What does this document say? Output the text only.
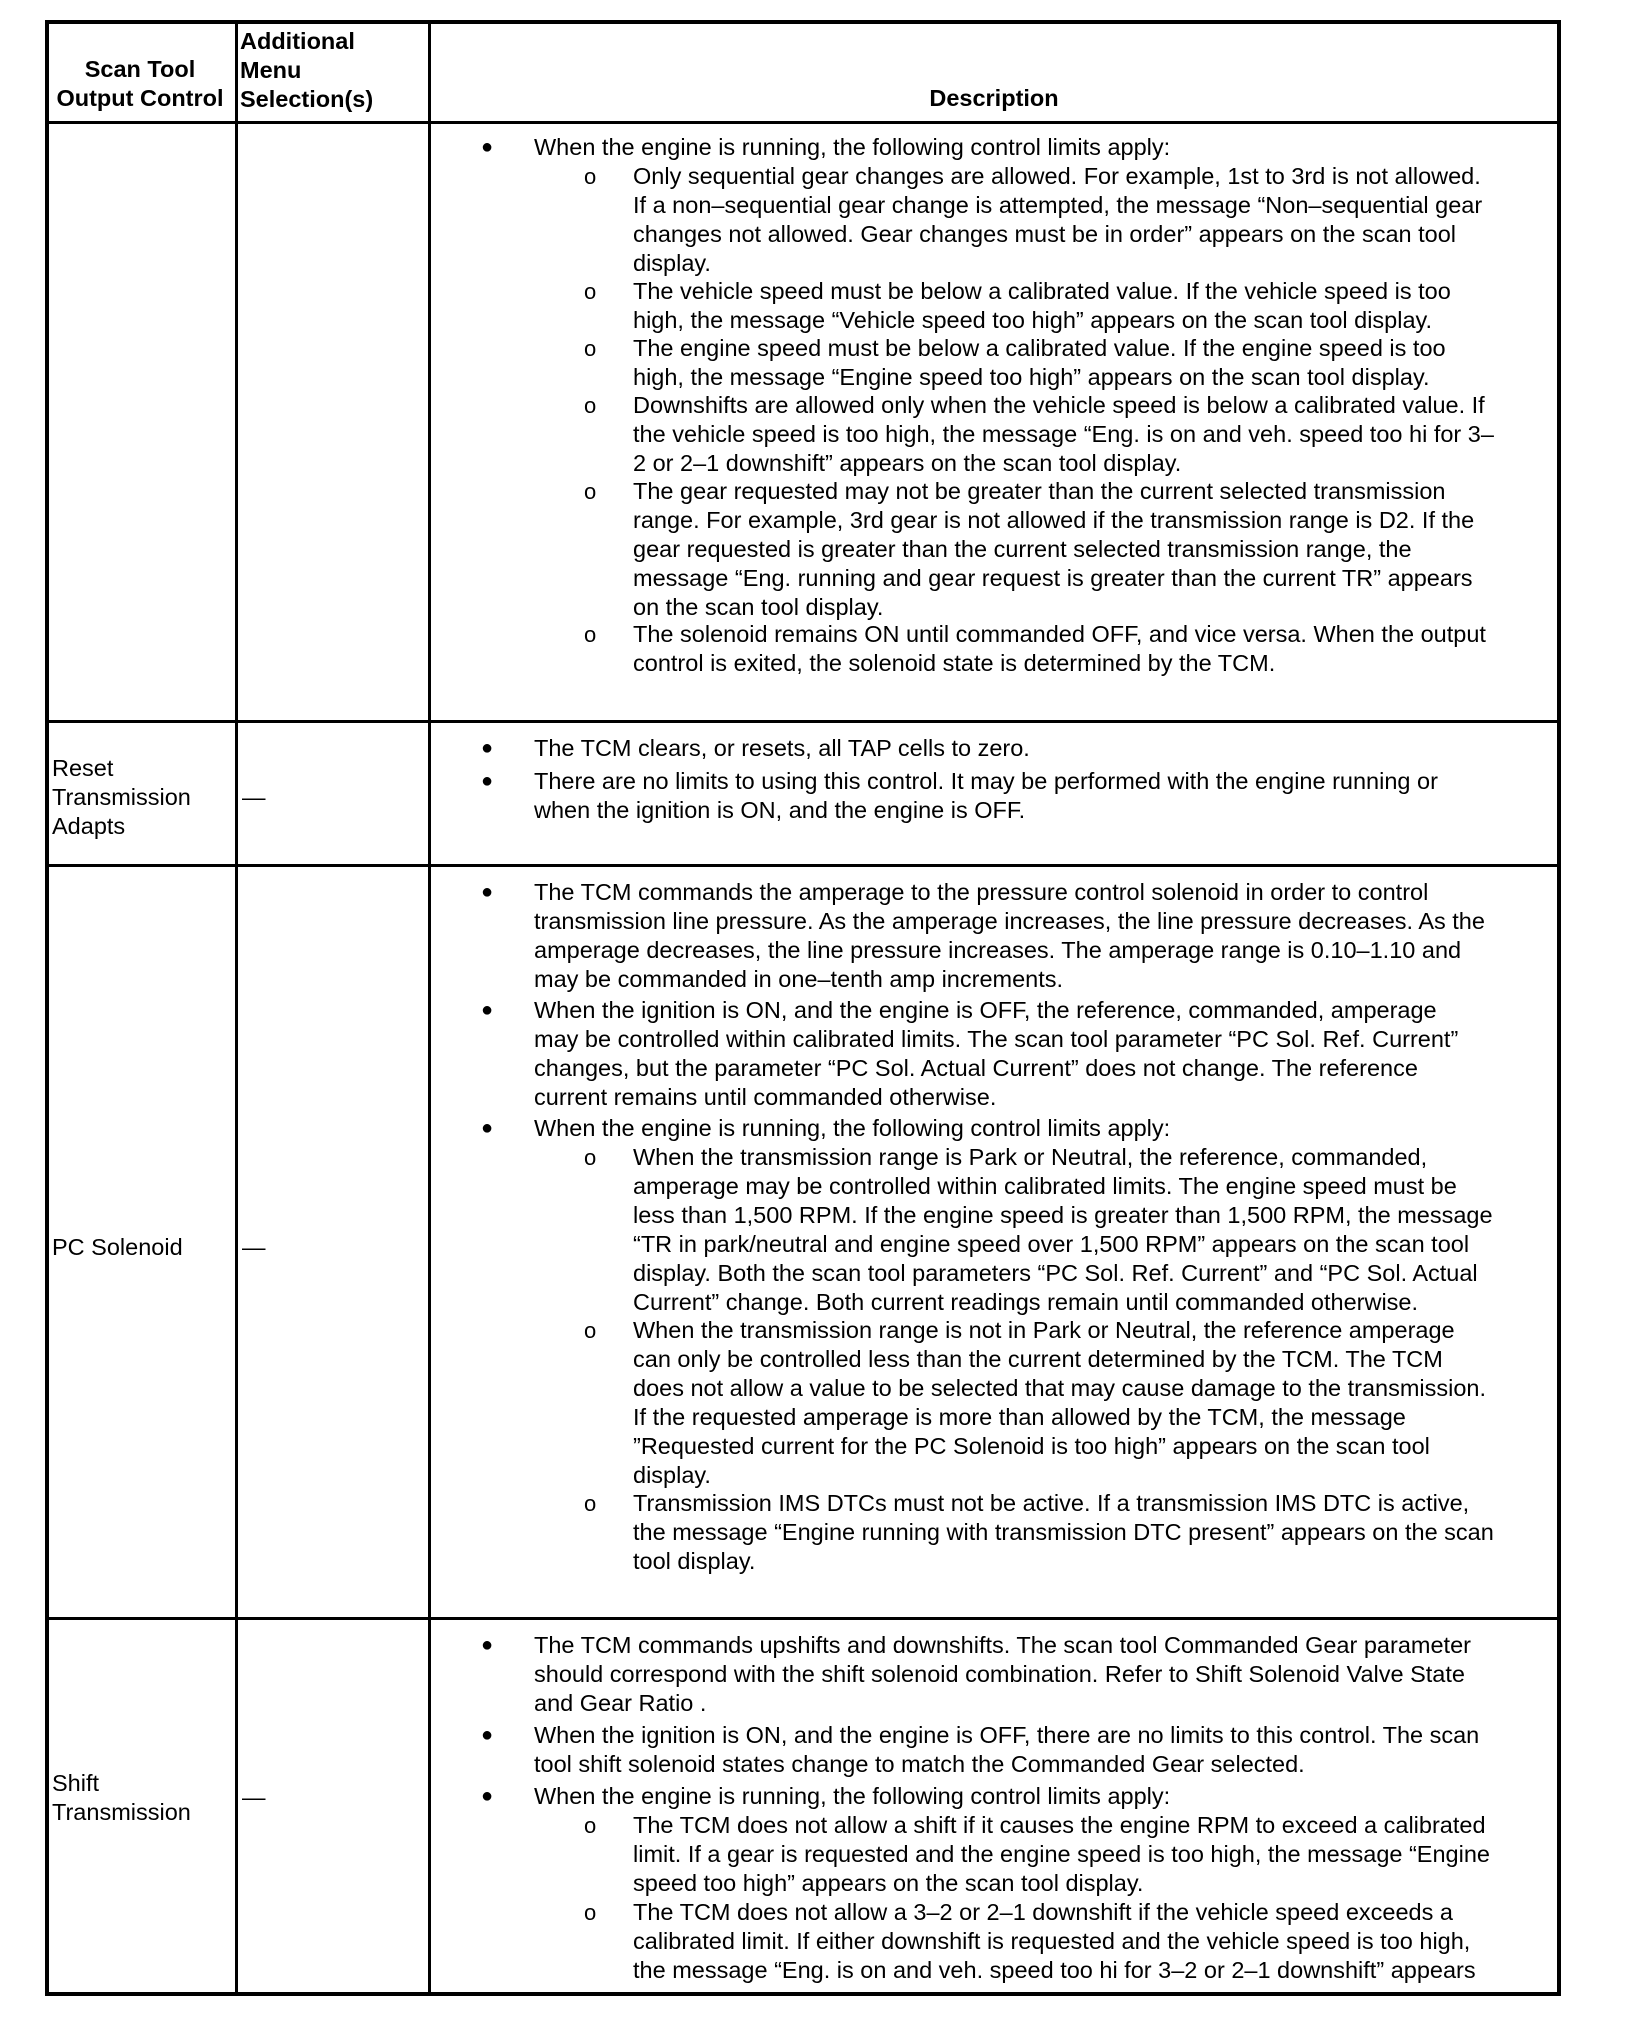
Scan Tool
Output Control
Additional
Menu
Selection(s)	Description
● When the engine is running, the following control limits apply:
o Only sequential gear changes are allowed. For example, 1st to 3rd is not allowed.
If a non–sequential gear change is attempted, the message “Non–sequential gear
changes not allowed. Gear changes must be in order” appears on the scan tool
display.
o The vehicle speed must be below a calibrated value. If the vehicle speed is too
high, the message “Vehicle speed too high” appears on the scan tool display.
o The engine speed must be below a calibrated value. If the engine speed is too
high, the message “Engine speed too high” appears on the scan tool display.
o Downshifts are allowed only when the vehicle speed is below a calibrated value. If
the vehicle speed is too high, the message “Eng. is on and veh. speed too hi for 3–
2 or 2–1 downshift” appears on the scan tool display.
o The gear requested may not be greater than the current selected transmission
range. For example, 3rd gear is not allowed if the transmission range is D2. If the
gear requested is greater than the current selected transmission range, the
message “Eng. running and gear request is greater than the current TR” appears
on the scan tool display.
o The solenoid remains ON until commanded OFF, and vice versa. When the output
control is exited, the solenoid state is determined by the TCM.
Reset
Transmission
Adapts
—
● The TCM clears, or resets, all TAP cells to zero.
● There are no limits to using this control. It may be performed with the engine running or
when the ignition is ON, and the engine is OFF.
PC Solenoid	—
● The TCM commands the amperage to the pressure control solenoid in order to control
transmission line pressure. As the amperage increases, the line pressure decreases. As the
amperage decreases, the line pressure increases. The amperage range is 0.10–1.10 and
may be commanded in one–tenth amp increments.
● When the ignition is ON, and the engine is OFF, the reference, commanded, amperage
may be controlled within calibrated limits. The scan tool parameter “PC Sol. Ref. Current”
changes, but the parameter “PC Sol. Actual Current” does not change. The reference
current remains until commanded otherwise.
● When the engine is running, the following control limits apply:
o When the transmission range is Park or Neutral, the reference, commanded,
amperage may be controlled within calibrated limits. The engine speed must be
less than 1,500 RPM. If the engine speed is greater than 1,500 RPM, the message
“TR in park/neutral and engine speed over 1,500 RPM” appears on the scan tool
display. Both the scan tool parameters “PC Sol. Ref. Current” and “PC Sol. Actual
Current” change. Both current readings remain until commanded otherwise.
o When the transmission range is not in Park or Neutral, the reference amperage
can only be controlled less than the current determined by the TCM. The TCM
does not allow a value to be selected that may cause damage to the transmission.
If the requested amperage is more than allowed by the TCM, the message
”Requested current for the PC Solenoid is too high” appears on the scan tool
display.
o Transmission IMS DTCs must not be active. If a transmission IMS DTC is active,
the message “Engine running with transmission DTC present” appears on the scan
tool display.
Shift
Transmission
—
● The TCM commands upshifts and downshifts. The scan tool Commanded Gear parameter
should correspond with the shift solenoid combination. Refer to Shift Solenoid Valve State
and Gear Ratio .
● When the ignition is ON, and the engine is OFF, there are no limits to this control. The scan
tool shift solenoid states change to match the Commanded Gear selected.
● When the engine is running, the following control limits apply:
o The TCM does not allow a shift if it causes the engine RPM to exceed a calibrated
limit. If a gear is requested and the engine speed is too high, the message “Engine
speed too high” appears on the scan tool display.
o The TCM does not allow a 3–2 or 2–1 downshift if the vehicle speed exceeds a
calibrated limit. If either downshift is requested and the vehicle speed is too high,
the message “Eng. is on and veh. speed too hi for 3–2 or 2–1 downshift” appears
